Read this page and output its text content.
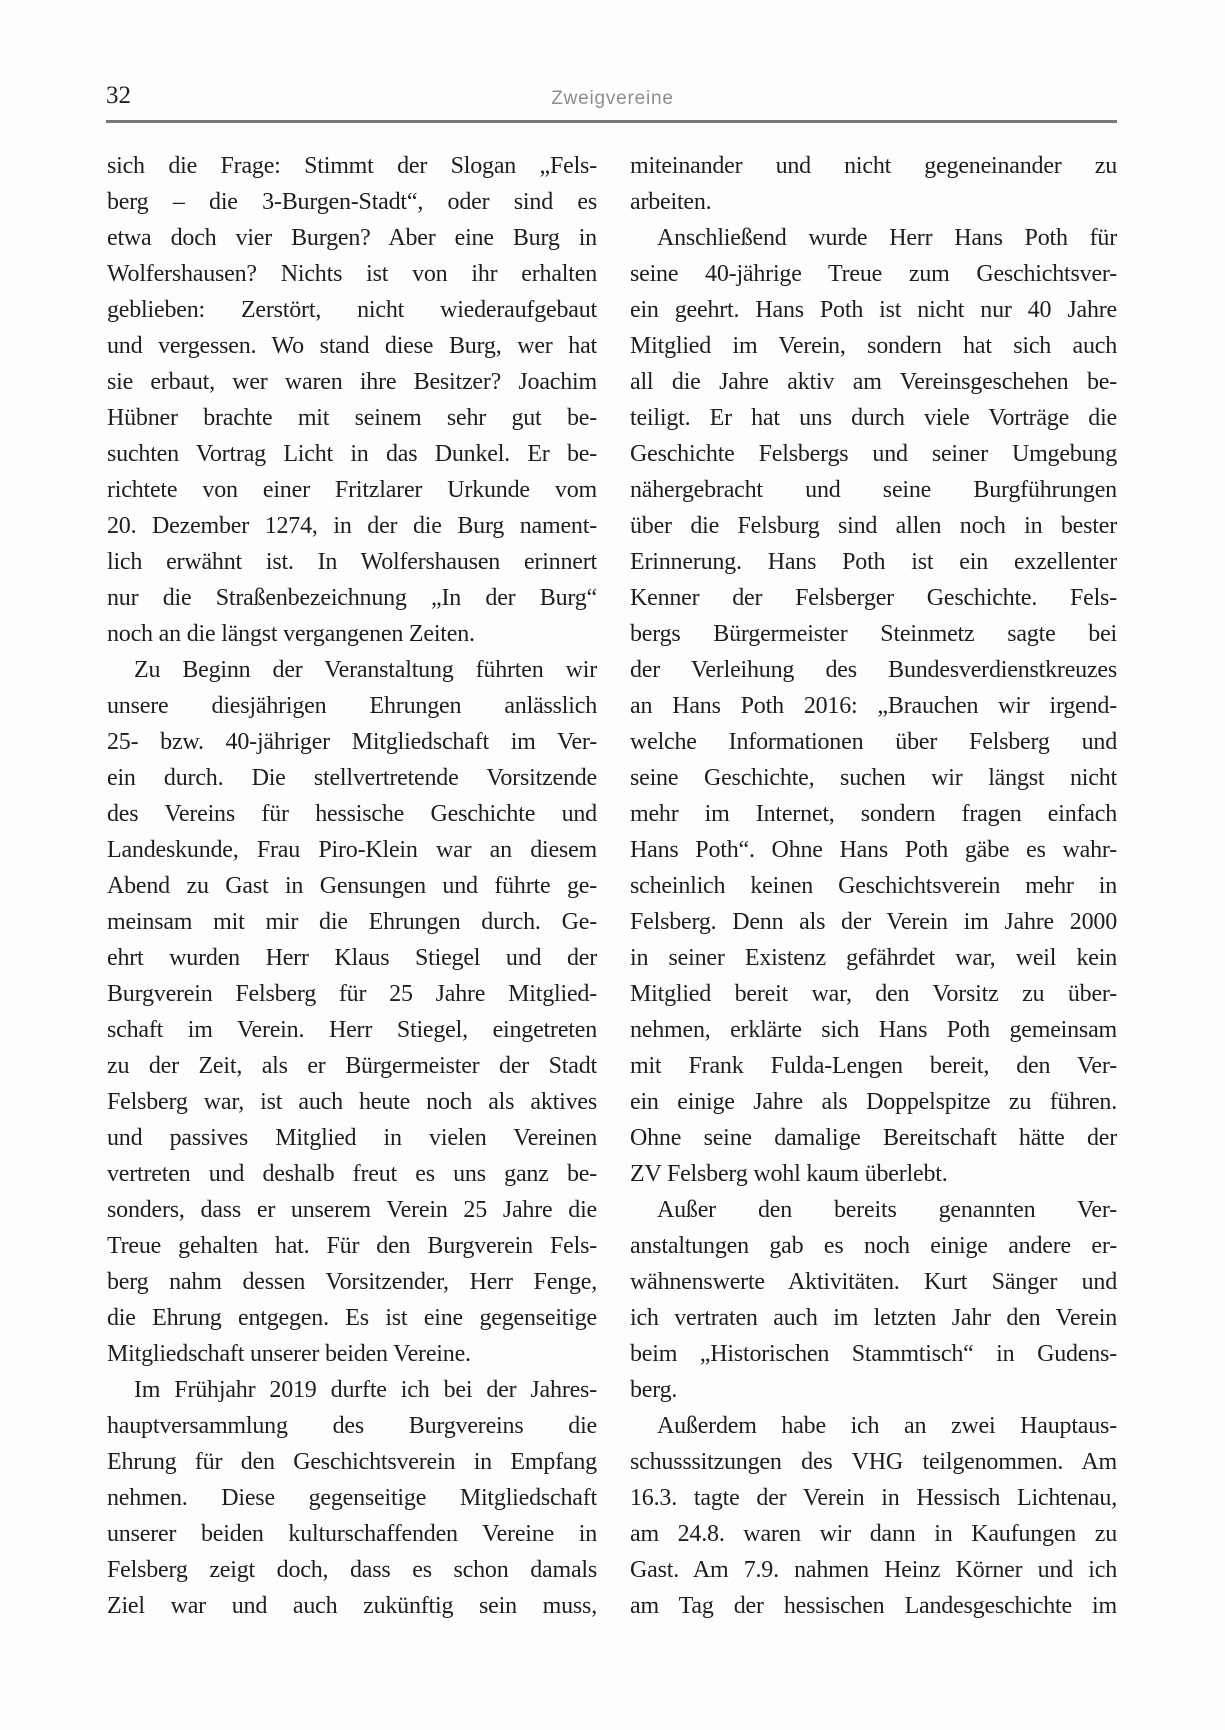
32	Zweigvereine
sich die Frage: Stimmt der Slogan „Fels-
berg – die 3-Burgen-Stadt“, oder sind es
etwa doch vier Burgen? Aber eine Burg in
Wolfershausen? Nichts ist von ihr erhalten
geblieben: Zerstört, nicht wiederaufgebaut
und vergessen. Wo stand diese Burg, wer hat
sie erbaut, wer waren ihre Besitzer? Joachim
Hübner brachte mit seinem sehr gut be-
suchten Vortrag Licht in das Dunkel. Er be-
richtete von einer Fritzlarer Urkunde vom
20. Dezember 1274, in der die Burg nament-
lich erwähnt ist. In Wolfershausen erinnert
nur die Straßenbezeichnung „In der Burg“
noch an die längst vergangenen Zeiten.
Zu Beginn der Veranstaltung führten wir
unsere diesjährigen Ehrungen anlässlich
25- bzw. 40-jähriger Mitgliedschaft im Ver-
ein durch. Die stellvertretende Vorsitzende
des Vereins für hessische Geschichte und
Landeskunde, Frau Piro-Klein war an diesem
Abend zu Gast in Gensungen und führte ge-
meinsam mit mir die Ehrungen durch. Ge-
ehrt wurden Herr Klaus Stiegel und der
Burgverein Felsberg für 25 Jahre Mitglied-
schaft im Verein. Herr Stiegel, eingetreten
zu der Zeit, als er Bürgermeister der Stadt
Felsberg war, ist auch heute noch als aktives
und passives Mitglied in vielen Vereinen
vertreten und deshalb freut es uns ganz be-
sonders, dass er unserem Verein 25 Jahre die
Treue gehalten hat. Für den Burgverein Fels-
berg nahm dessen Vorsitzender, Herr Fenge,
die Ehrung entgegen. Es ist eine gegenseitige
Mitgliedschaft unserer beiden Vereine.
Im Frühjahr 2019 durfte ich bei der Jahres-
hauptversammlung des Burgvereins die
Ehrung für den Geschichtsverein in Empfang
nehmen. Diese gegenseitige Mitgliedschaft
unserer beiden kulturschaffenden Vereine in
Felsberg zeigt doch, dass es schon damals
Ziel war und auch zukünftig sein muss,
miteinander und nicht gegeneinander zu
arbeiten.
Anschließend wurde Herr Hans Poth für
seine 40-jährige Treue zum Geschichtsver-
ein geehrt. Hans Poth ist nicht nur 40 Jahre
Mitglied im Verein, sondern hat sich auch
all die Jahre aktiv am Vereinsgeschehen be-
teiligt. Er hat uns durch viele Vorträge die
Geschichte Felsbergs und seiner Umgebung
nähergebracht und seine Burgführungen
über die Felsburg sind allen noch in bester
Erinnerung. Hans Poth ist ein exzellenter
Kenner der Felsberger Geschichte. Fels-
bergs Bürgermeister Steinmetz sagte bei
der Verleihung des Bundesverdienstkreuzes
an Hans Poth 2016: „Brauchen wir irgend-
welche Informationen über Felsberg und
seine Geschichte, suchen wir längst nicht
mehr im Internet, sondern fragen einfach
Hans Poth“. Ohne Hans Poth gäbe es wahr-
scheinlich keinen Geschichtsverein mehr in
Felsberg. Denn als der Verein im Jahre 2000
in seiner Existenz gefährdet war, weil kein
Mitglied bereit war, den Vorsitz zu über-
nehmen, erklärte sich Hans Poth gemeinsam
mit Frank Fulda-Lengen bereit, den Ver-
ein einige Jahre als Doppelspitze zu führen.
Ohne seine damalige Bereitschaft hätte der
ZV Felsberg wohl kaum überlebt.
Außer den bereits genannten Ver-
anstaltungen gab es noch einige andere er-
wähnenswerte Aktivitäten. Kurt Sänger und
ich vertraten auch im letzten Jahr den Verein
beim „Historischen Stammtisch“ in Gudens-
berg.
Außerdem habe ich an zwei Hauptaus-
schusssitzungen des VHG teilgenommen. Am
16.3. tagte der Verein in Hessisch Lichtenau,
am 24.8. waren wir dann in Kaufungen zu
Gast. Am 7.9. nahmen Heinz Körner und ich
am Tag der hessischen Landesgeschichte im
